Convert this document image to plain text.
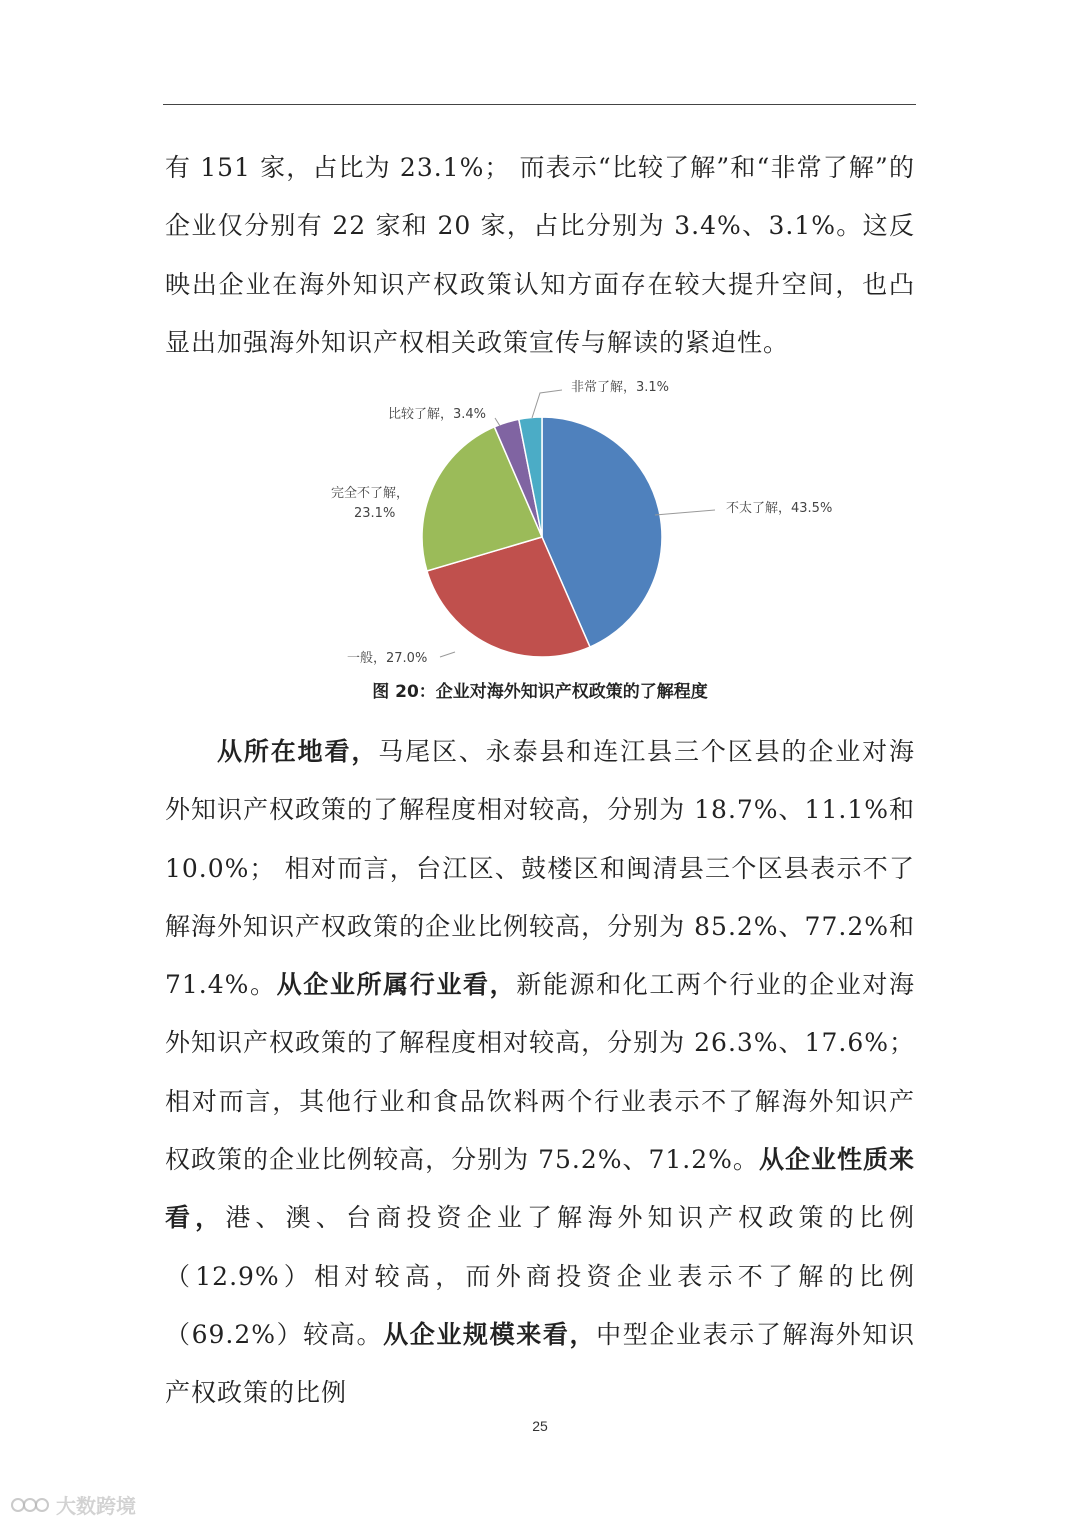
有 151 家，占比为 23.1%； 而表示“比较了解”和“非常了解”的企业仅分别有 22 家和 20 家，占比分别为 3.4%、3.1%。这反映出企业在海外知识产权政策认知方面存在较大提升空间，也凸显出加强海外知识产权相关政策宣传与解读的紧迫性。

非常了解，3.1%
比较了解，3.4%
完全不了解，
23.1%	不太了解，43.5%
一般，27.0%
图 20：企业对海外知识产权政策的了解程度

从所在地看，马尾区、永泰县和连江县三个区县的企业对海外知识产权政策的了解程度相对较高，分别为 18.7%、11.1%和 10.0%； 相对而言，台江区、鼓楼区和闽清县三个区县表示不了解海外知识产权政策的企业比例较高，分别为 85.2%、77.2%和 71.4%。从企业所属行业看，新能源和化工两个行业的企业对海外知识产权政策的了解程度相对较高，分别为 26.3%、17.6%； 相对而言，其他行业和食品饮料两个行业表示不了解海外知识产权政策的企业比例较高，分别为 75.2%、71.2%。从企业性质来看，港、澳、台商投资企业了解海外知识产权政策的比例（12.9%）相对较高，而外商投资企业表示不了解的比例（69.2%）较高。从企业规模来看，中型企业表示了解海外知识产权政策的比例

25
大数跨境
